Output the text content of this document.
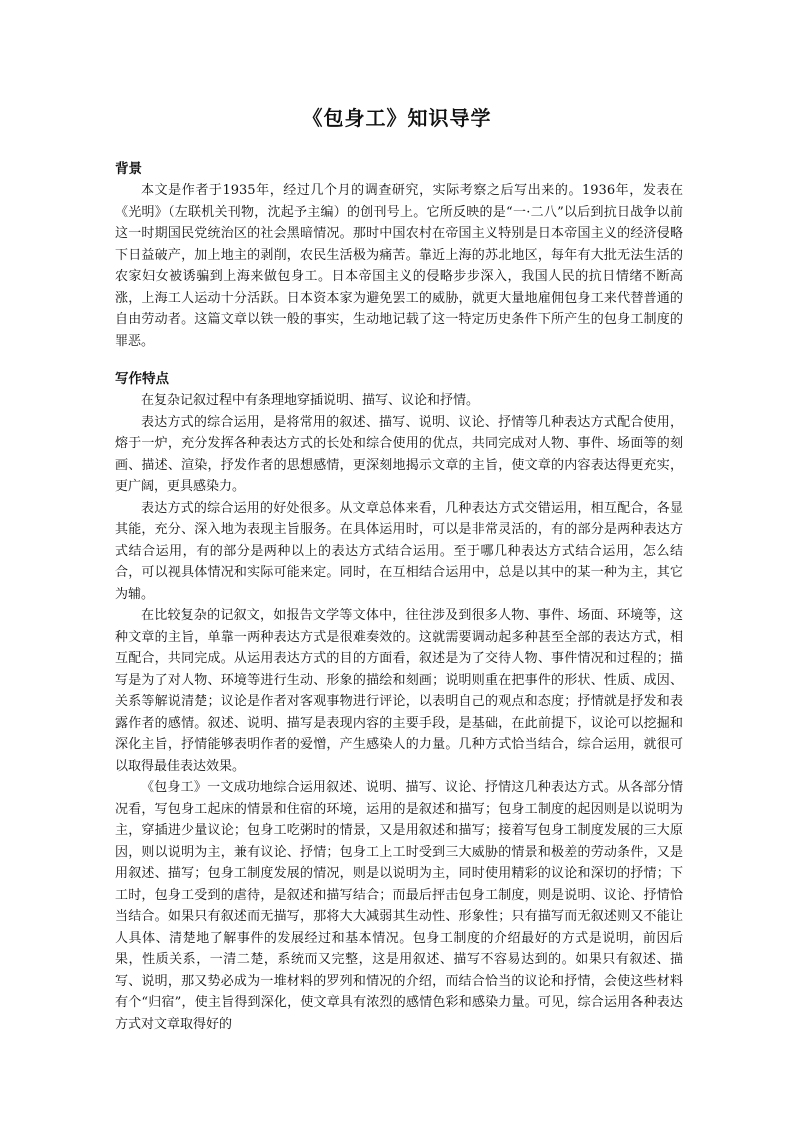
《包身工》知识导学

背景

本文是作者于1935年，经过几个月的调查研究，实际考察之后写出来的。1936年，发表在《光明》（左联机关刊物，沈起予主编）的创刊号上。它所反映的是“一·二八”以后到抗日战争以前这一时期国民党统治区的社会黑暗情况。那时中国农村在帝国主义特别是日本帝国主义的经济侵略下日益破产，加上地主的剥削，农民生活极为痛苦。靠近上海的苏北地区，每年有大批无法生活的农家妇女被诱骗到上海来做包身工。日本帝国主义的侵略步步深入，我国人民的抗日情绪不断高涨，上海工人运动十分活跃。日本资本家为避免罢工的威胁，就更大量地雇佣包身工来代替普通的自由劳动者。这篇文章以铁一般的事实，生动地记载了这一特定历史条件下所产生的包身工制度的罪恶。

写作特点

在复杂记叙过程中有条理地穿插说明、描写、议论和抒情。

表达方式的综合运用，是将常用的叙述、描写、说明、议论、抒情等几种表达方式配合使用，熔于一炉，充分发挥各种表达方式的长处和综合使用的优点，共同完成对人物、事件、场面等的刻画、描述、渲染，抒发作者的思想感情，更深刻地揭示文章的主旨，使文章的内容表达得更充实，更广阔，更具感染力。

表达方式的综合运用的好处很多。从文章总体来看，几种表达方式交错运用，相互配合，各显其能，充分、深入地为表现主旨服务。在具体运用时，可以是非常灵活的，有的部分是两种表达方式结合运用，有的部分是两种以上的表达方式结合运用。至于哪几种表达方式结合运用，怎么结合，可以视具体情况和实际可能来定。同时，在互相结合运用中，总是以其中的某一种为主，其它为辅。

在比较复杂的记叙文，如报告文学等文体中，往往涉及到很多人物、事件、场面、环境等，这种文章的主旨，单靠一两种表达方式是很难奏效的。这就需要调动起多种甚至全部的表达方式，相互配合，共同完成。从运用表达方式的目的方面看，叙述是为了交待人物、事件情况和过程的；描写是为了对人物、环境等进行生动、形象的描绘和刻画；说明则重在把事件的形状、性质、成因、关系等解说清楚；议论是作者对客观事物进行评论，以表明自己的观点和态度；抒情就是抒发和表露作者的感情。叙述、说明、描写是表现内容的主要手段，是基础，在此前提下，议论可以挖掘和深化主旨，抒情能够表明作者的爱憎，产生感染人的力量。几种方式恰当结合，综合运用，就很可以取得最佳表达效果。

《包身工》一文成功地综合运用叙述、说明、描写、议论、抒情这几种表达方式。从各部分情况看，写包身工起床的情景和住宿的环境，运用的是叙述和描写；包身工制度的起因则是以说明为主，穿插进少量议论；包身工吃粥时的情景，又是用叙述和描写；接着写包身工制度发展的三大原因，则以说明为主，兼有议论、抒情；包身工上工时受到三大威胁的情景和极差的劳动条件，又是用叙述、描写；包身工制度发展的情况，则是以说明为主，同时使用精彩的议论和深切的抒情；下工时，包身工受到的虐待，是叙述和描写结合；而最后抨击包身工制度，则是说明、议论、抒情恰当结合。如果只有叙述而无描写，那将大大减弱其生动性、形象性；只有描写而无叙述则又不能让人具体、清楚地了解事件的发展经过和基本情况。包身工制度的介绍最好的方式是说明，前因后果，性质关系，一清二楚，系统而又完整，这是用叙述、描写不容易达到的。如果只有叙述、描写、说明，那又势必成为一堆材料的罗列和情况的介绍，而结合恰当的议论和抒情，会使这些材料有个“归宿”，使主旨得到深化，使文章具有浓烈的感情色彩和感染力量。可见，综合运用各种表达方式对文章取得好的
